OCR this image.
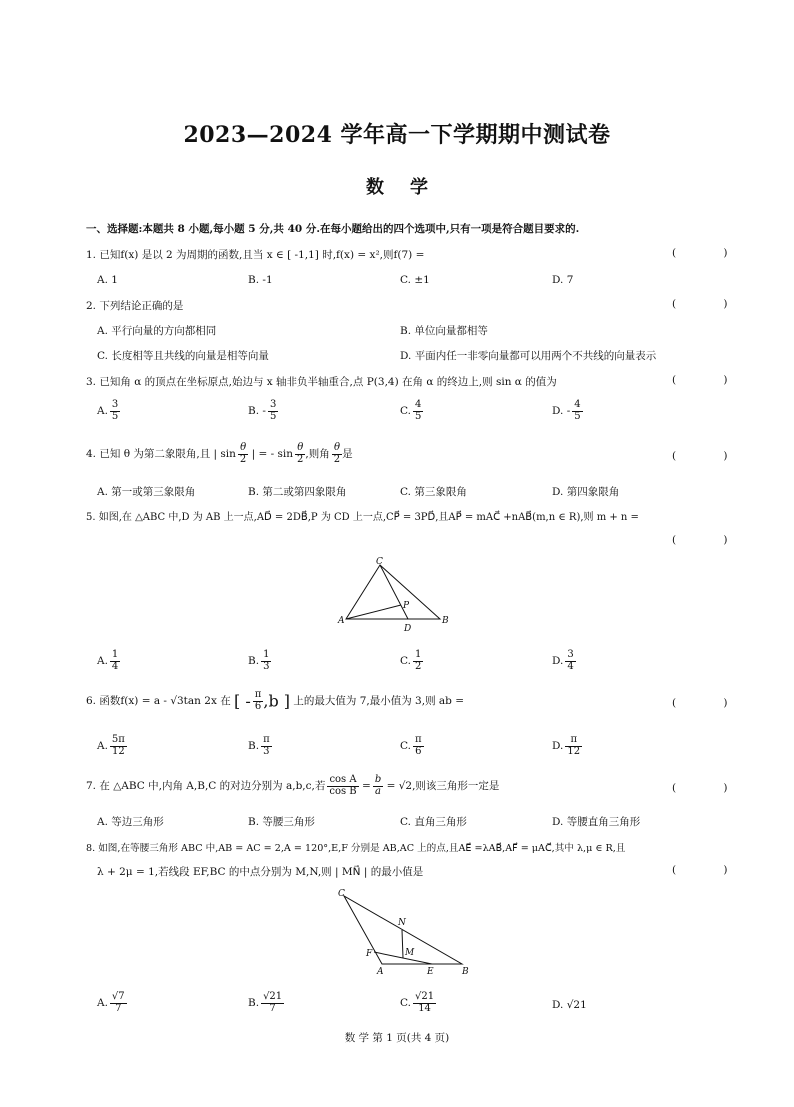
2023—2024 学年高一下学期期中测试卷
数学
一、选择题:本题共 8 小题,每小题 5 分,共 40 分.在每小题给出的四个选项中,只有一项是符合题目要求的.
1. 已知f(x) 是以 2 为周期的函数,且当 x ∈ [ -1,1] 时,f(x) = x²,则f(7) =	( )
A. 1	B. -1	C. ±1	D. 7
2. 下列结论正确的是	( )
A. 平行向量的方向都相同	B. 单位向量都相等
C. 长度相等且共线的向量是相等向量	D. 平面内任一非零向量都可以用两个不共线的向量表示
3. 已知角 α 的顶点在坐标原点,始边与 x 轴非负半轴重合,点 P(3,4) 在角 α 的终边上,则 sin α 的值为	( )
A. $\frac{3}{5}$	B. - $\frac{3}{5}$	C. $\frac{4}{5}$	D. - $\frac{4}{5}$
4. 已知 θ 为第二象限角,且 | $\sin \frac{\theta}{2}$ | = - $\sin \frac{\theta}{2}$ ,则角 $\frac{\theta}{2}$ 是	( )
A. 第一或第三象限角	B. 第二或第四象限角	C. 第三象限角	D. 第四象限角
5. 如图,在 △ABC 中,D 为 AB 上一点,AD⃗ = 2DB⃗,P 为 CD 上一点,CP⃗ = 3PD⃗,且AP⃗ = mAC⃗ +nAB⃗(m,n ∈ R),则 m + n =
( )
C
P
A
D
B
A. $\frac{1}{4}$	B. $\frac{1}{3}$	C. $\frac{1}{2}$	D. $\frac{3}{4}$
6. 函数f(x) = a - √3tan 2x 在 [ - $\frac{\pi}{6} ,b$ ] 上的最大值为 7,最小值为 3,则 ab =	( )
A. $\frac{5\pi}{12}$	B. $\frac{\pi}{3}$	C. $\frac{\pi}{6}$	D. $\frac{\pi}{12}$
7. 在 △ABC 中,内角 A,B,C 的对边分别为 a,b,c,若 $\frac{\text{cos A}}{\text{cos B}} = \frac{b}{a} = √2$,则该三角形一定是	( )
A. 等边三角形	B. 等腰三角形	C. 直角三角形	D. 等腰直角三角形
8. 如图,在等腰三角形 ABC 中,AB = AC = 2,A = 120°,E,F 分别是 AB,AC 上的点,且AE⃗ =λAB⃗,AF⃗ = μAC⃗,其中 λ,μ ∈ R,且
λ + 2μ = 1,若线段 EF,BC 的中点分别为 M,N,则 | MN⃗ | 的最小值是	( )
C
N
M
F
A	E	B
A. $\frac{√7}{7}$	B. $\frac{√21}{7}$	C. $\frac{√21}{14}$	D. √21
数 学 第 1 页(共 4 页)
